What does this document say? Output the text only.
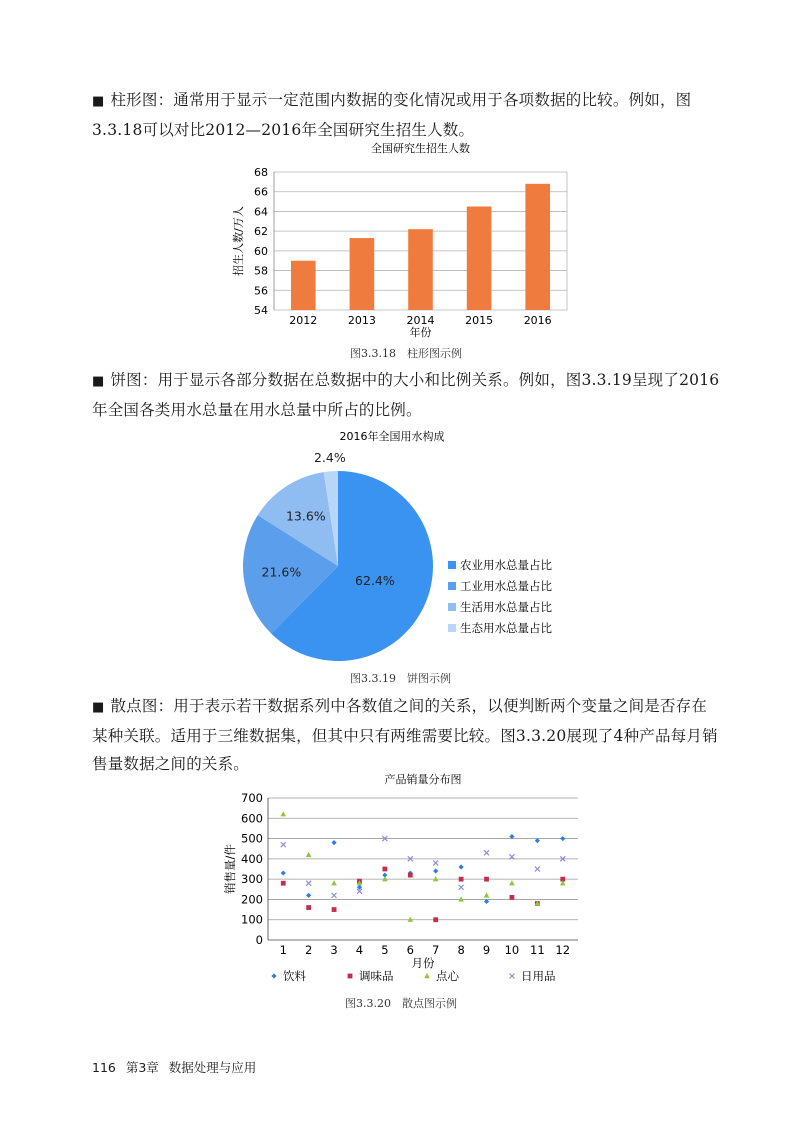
■ 柱形图：通常用于显示一定范围内数据的变化情况或用于各项数据的比较。例如，图3.3.18可以对比2012—2016年全国研究生招生人数。

全国研究生招生人数
54
56
58
60
62
64
66
68
2012	2013	2014	2015	2016
年份
招生人数/万人
图3.3.18　柱形图示例

■ 饼图：用于显示各部分数据在总数据中的大小和比例关系。例如，图3.3.19呈现了2016年全国各类用水总量在用水总量中所占的比例。

2016年全国用水构成
62.4%
农业用水总量占比
21.6%
工业用水总量占比
13.6%
生活用水总量占比
2.4%
生态用水总量占比
图3.3.19　饼图示例

■ 散点图：用于表示若干数据系列中各数值之间的关系，以便判断两个变量之间是否存在某种关联。适用于三维数据集，但其中只有两维需要比较。图3.3.20展现了4种产品每月销售量数据之间的关系。

产品销量分布图
0
100
200
300
400
500
600
700
1 2 3 4 5 6 7 8 9 10 11 12
月份
销售量/件
饮料	调味品	点心	日用品
图3.3.20　散点图示例
116 第3章 数据处理与应用
